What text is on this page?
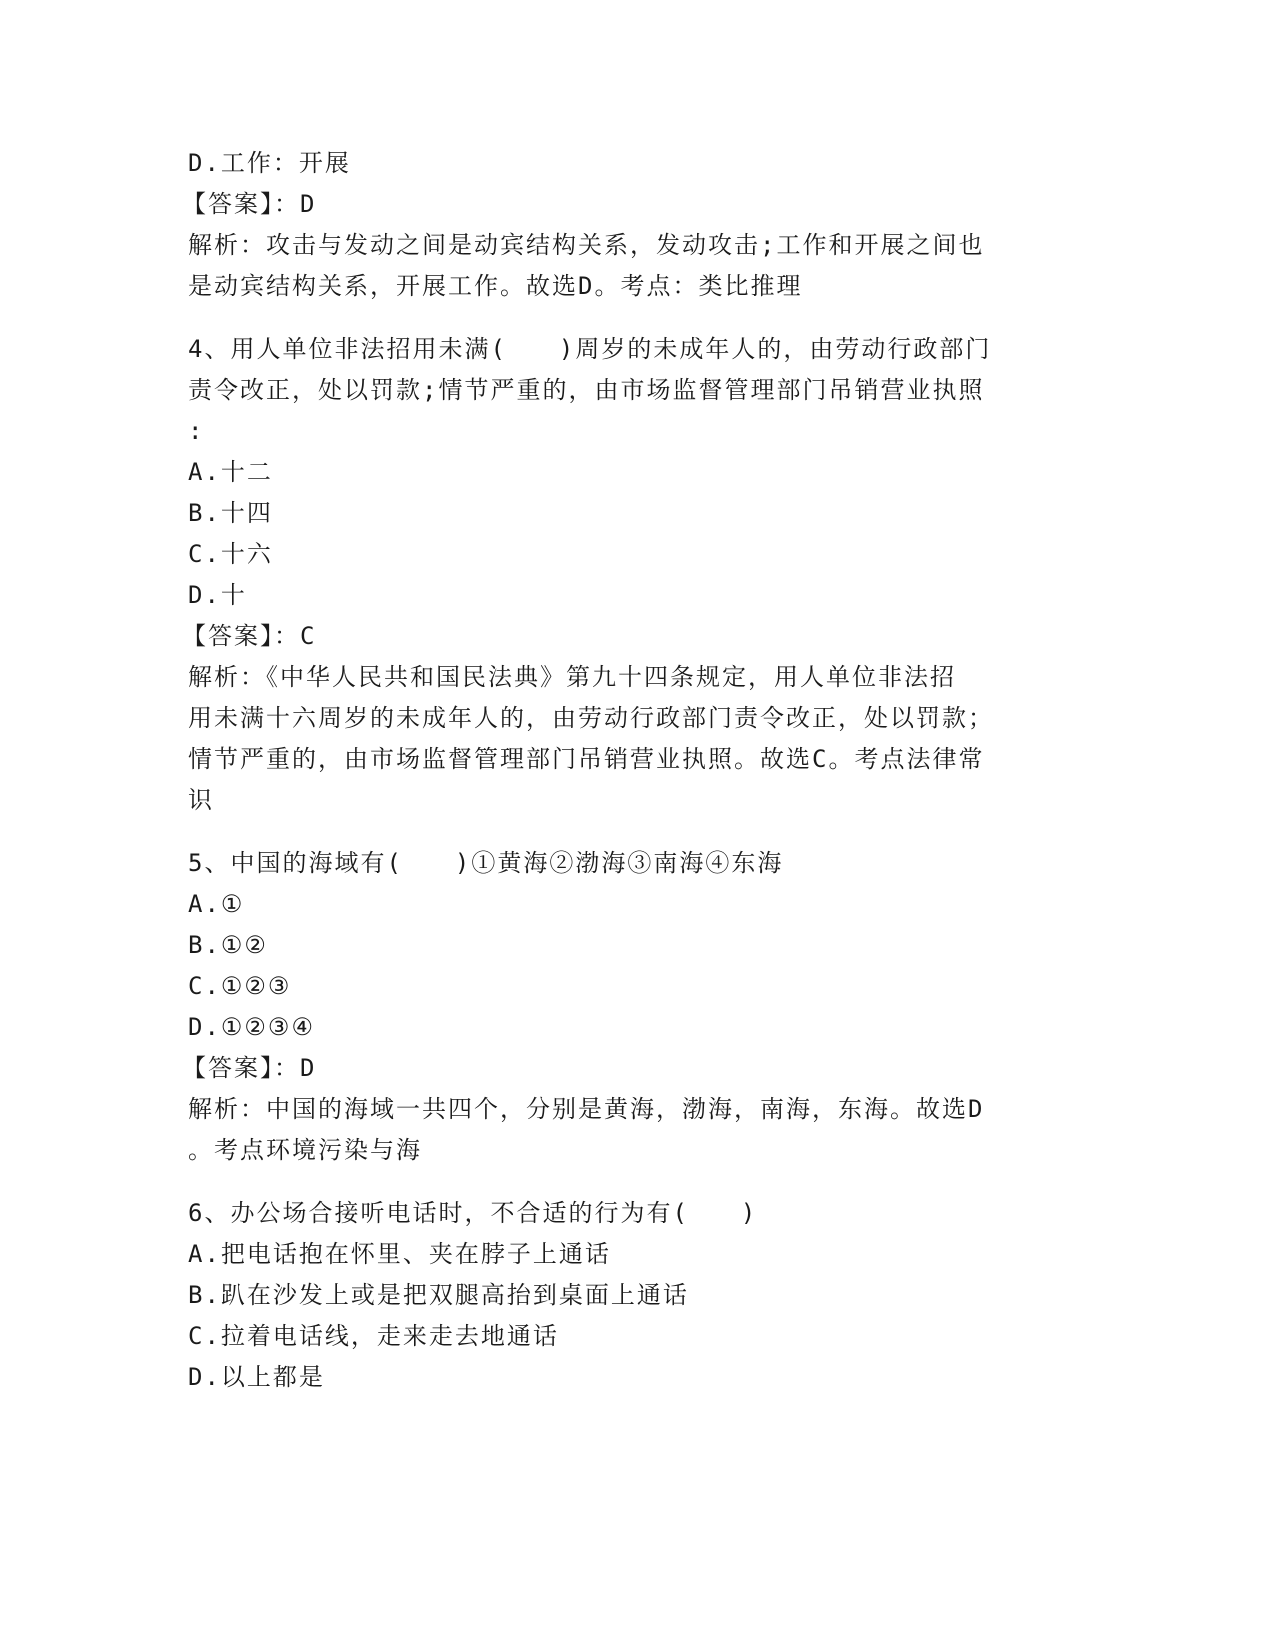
D.工作：开展
【答案】：D
解析：攻击与发动之间是动宾结构关系，发动攻击;工作和开展之间也
是动宾结构关系，开展工作。故选D。考点：类比推理
4、用人单位非法招用未满(　　)周岁的未成年人的，由劳动行政部门
责令改正，处以罚款;情节严重的，由市场监督管理部门吊销营业执照
:
A.十二
B.十四
C.十六
D.十
【答案】：C
解析：《中华人民共和国民法典》第九十四条规定，用人单位非法招
用未满十六周岁的未成年人的，由劳动行政部门责令改正，处以罚款；
情节严重的，由市场监督管理部门吊销营业执照。故选C。考点法律常
识
5、中国的海域有(　　)①黄海②渤海③南海④东海
A.①
B.①②
C.①②③
D.①②③④
【答案】：D
解析：中国的海域一共四个，分别是黄海，渤海，南海，东海。故选D
。考点环境污染与海
6、办公场合接听电话时，不合适的行为有(　　)
A.把电话抱在怀里、夹在脖子上通话
B.趴在沙发上或是把双腿高抬到桌面上通话
C.拉着电话线，走来走去地通话
D.以上都是
